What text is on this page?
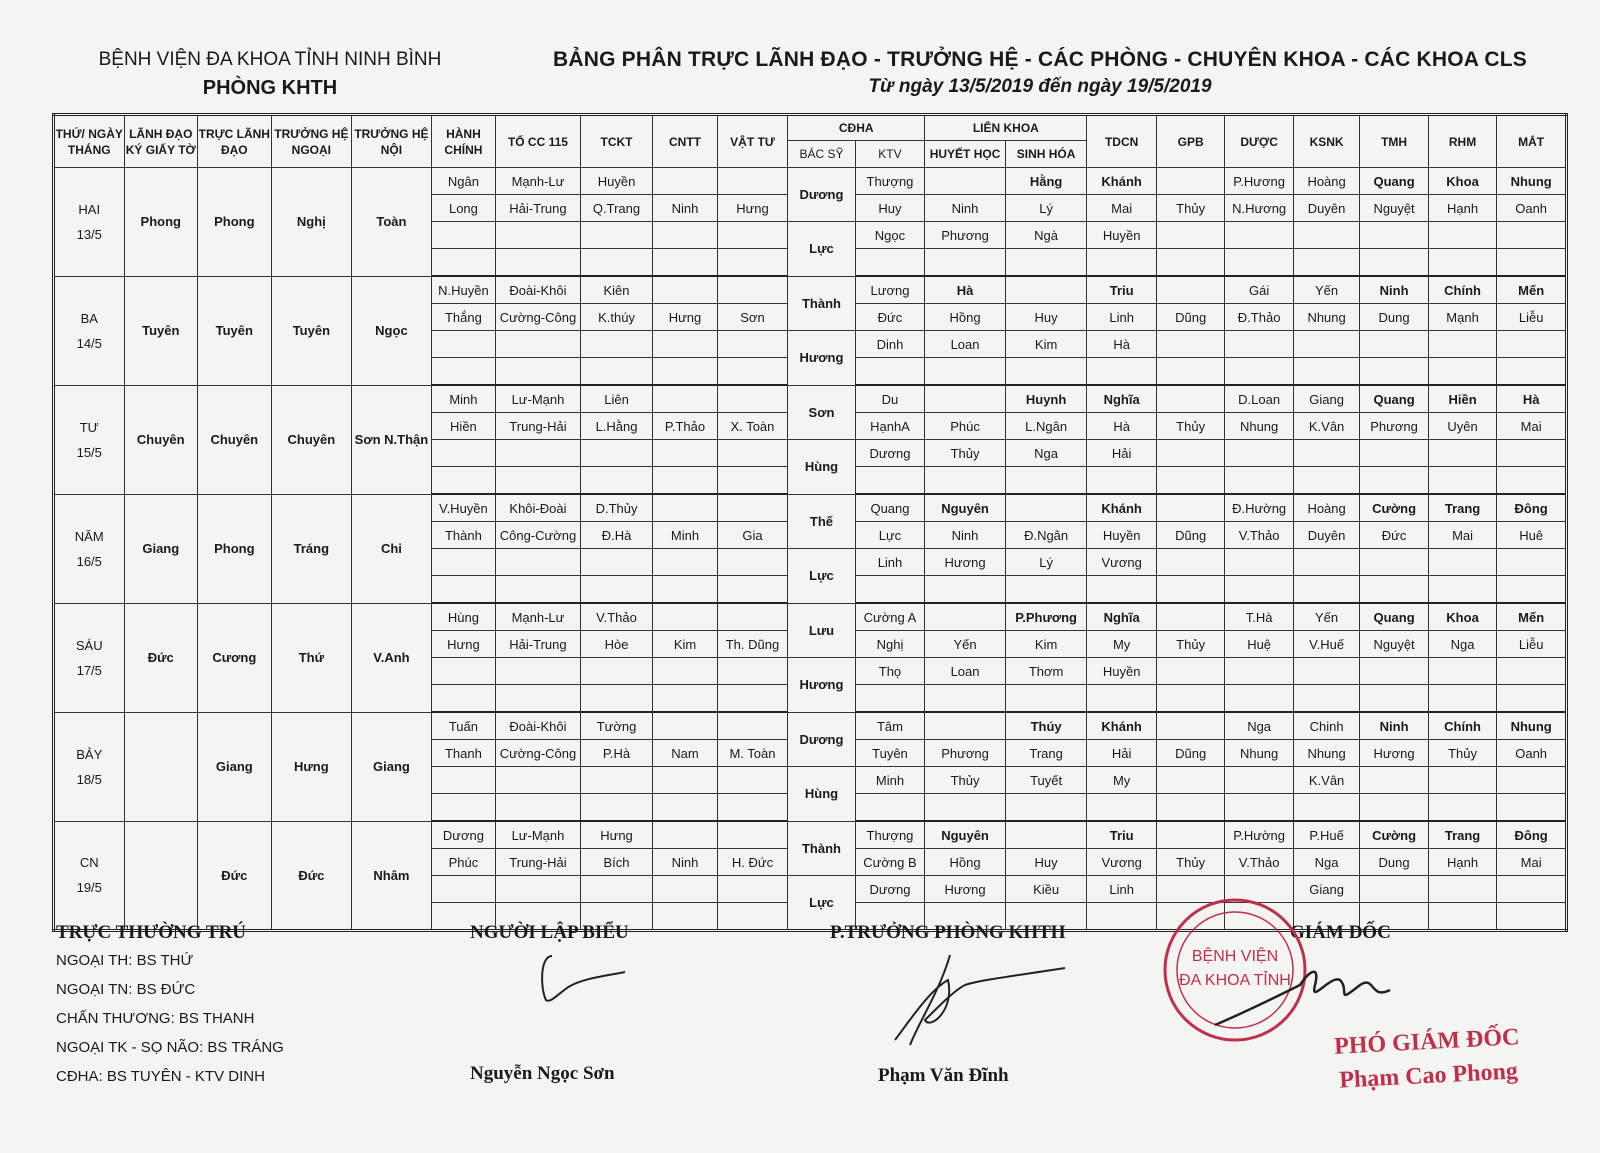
BỆNH VIỆN ĐA KHOA TỈNH NINH BÌNH
PHÒNG KHTH
BẢNG PHÂN TRỰC LÃNH ĐẠO - TRƯỞNG HỆ - CÁC PHÒNG - CHUYÊN KHOA - CÁC KHOA CLS
Từ ngày 13/5/2019 đến ngày 19/5/2019
THỨ/ NGÀY THÁNG	LÃNH ĐẠO KÝ GIẤY TỜ	TRỰC LÃNH ĐẠO	TRƯỞNG HỆ NGOẠI	TRƯỞNG HỆ NỘI	HÀNH CHÍNH	TỔ CC 115	TCKT	CNTT	VẬT TƯ	CĐHA		LIÊN KHOA		TDCN	GPB	DƯỢC	KSNK	TMH	RHM	MẮT
										BÁC SỸ	KTV	HUYẾT HỌC	SINH HÓA							

HAI
13/5	Phong	Phong	Nghị	Toàn	Ngân	Mạnh-Lư	Huyền			Dương	Thượng		Hằng	Khánh		P.Hương	Hoàng	Quang	Khoa	Nhung
					Long	Hải-Trung	Q.Trang	Ninh	Hưng		Huy	Ninh	Lý	Mai	Thủy	N.Hương	Duyên	Nguyệt	Hạnh	Oanh
										Lực	Ngọc	Phương	Ngà	Huyền						

BA
14/5	Tuyên	Tuyên	Tuyên	Ngọc	N.Huyền	Đoài-Khôi	Kiên			Thành	Lương	Hà		Triu		Gái	Yến	Ninh	Chính	Mến
					Thắng	Cường-Công	K.thúy	Hưng	Sơn		Đức	Hồng	Huy	Linh	Dũng	Đ.Thảo	Nhung	Dung	Mạnh	Liễu
										Hương	Dinh	Loan	Kim	Hà						

TƯ
15/5	Chuyên	Chuyên	Chuyên	Sơn N.Thận	Minh	Lư-Mạnh	Liên			Sơn	Du		Huynh	Nghĩa		D.Loan	Giang	Quang	Hiền	Hà
					Hiền	Trung-Hải	L.Hằng	P.Thảo	X. Toàn		HạnhA	Phúc	L.Ngân	Hà	Thủy	Nhung	K.Vân	Phương	Uyên	Mai
										Hùng	Dương	Thủy	Nga	Hải						

NĂM
16/5	Giang	Phong	Tráng	Chi	V.Huyền	Khôi-Đoài	D.Thủy			Thế	Quang	Nguyên		Khánh		Đ.Hường	Hoàng	Cường	Trang	Đông
					Thành	Công-Cường	Đ.Hà	Minh	Gia		Lực	Ninh	Đ.Ngân	Huyền	Dũng	V.Thảo	Duyên	Đức	Mai	Huê
										Lực	Linh	Hương	Lý	Vương						

SÁU
17/5	Đức	Cương	Thứ	V.Anh	Hùng	Mạnh-Lư	V.Thảo			Lưu	Cường A		P.Phương	Nghĩa		T.Hà	Yến	Quang	Khoa	Mến
					Hưng	Hải-Trung	Hòe	Kim	Th. Dũng		Nghị	Yến	Kim	My	Thủy	Huệ	V.Huế	Nguyệt	Nga	Liễu
										Hương	Thọ	Loan	Thơm	Huyền						

BẢY
18/5		Giang	Hưng	Giang	Tuấn	Đoài-Khôi	Tường			Dương	Tâm		Thúy	Khánh		Nga	Chinh	Ninh	Chính	Nhung
					Thanh	Cường-Công	P.Hà	Nam	M. Toàn		Tuyên	Phương	Trang	Hải	Dũng	Nhung	Nhung	Hương	Thủy	Oanh
										Hùng	Minh	Thủy	Tuyết	My			K.Vân			

CN
19/5		Đức	Đức	Nhâm	Dương	Lư-Mạnh	Hưng			Thành	Thượng	Nguyên		Triu		P.Hường	P.Huế	Cường	Trang	Đông
					Phúc	Trung-Hải	Bích	Ninh	H. Đức		Cường B	Hồng	Huy	Vương	Thủy	V.Thảo	Nga	Dung	Hạnh	Mai
										Lực	Dương	Hương	Kiều	Linh			Giang			

TRỰC THƯỜNG TRÚ
NGOẠI TH: BS THỨ
NGOẠI TN: BS ĐỨC
CHẤN THƯƠNG: BS THANH
NGOẠI TK - SỌ NÃO: BS TRÁNG
CĐHA: BS TUYÊN - KTV DINH
NGƯỜI LẬP BIỂU
Nguyễn Ngọc Sơn
P.TRƯỞNG PHÒNG KHTH
Phạm Văn Đĩnh
GIÁM ĐỐC
BỆNH VIỆN
ĐA KHOA TỈNH
PHÓ GIÁM ĐỐC
Phạm Cao Phong
